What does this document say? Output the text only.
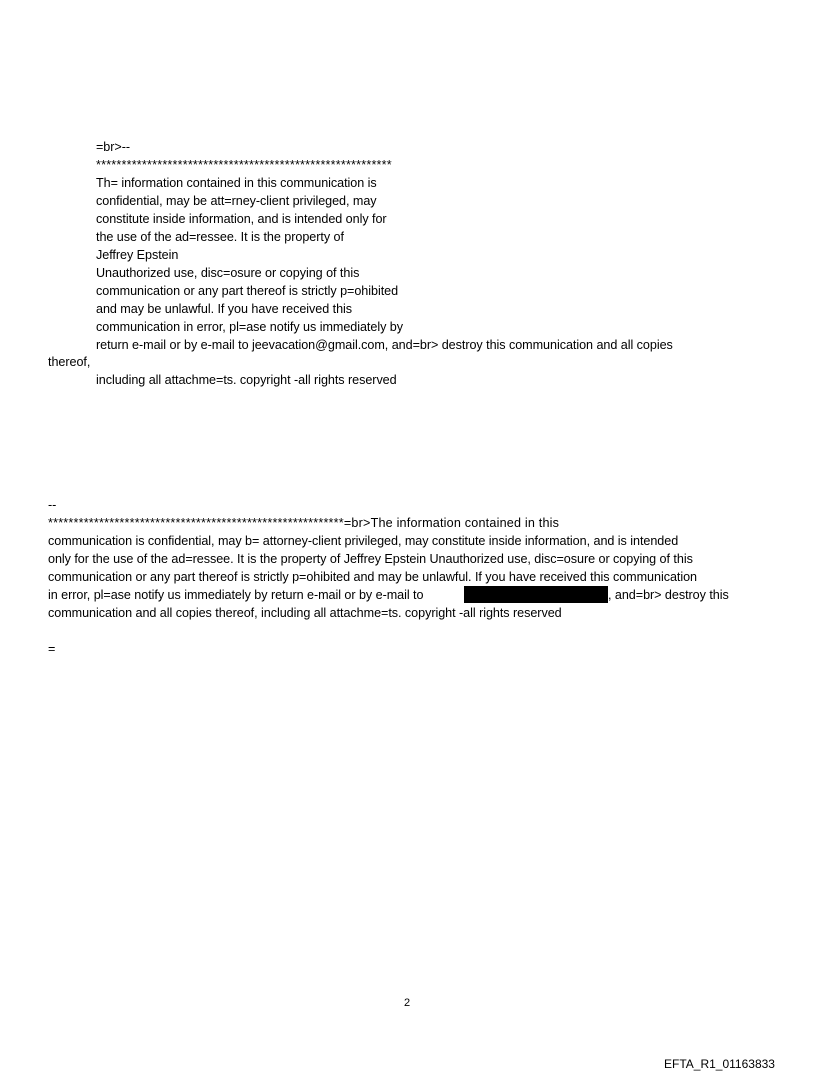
=br>--
**********************************************************
Th= information contained in this communication is
confidential, may be att=rney-client privileged, may
constitute inside information, and is intended only for
the use of the ad=ressee. It is the property of
Jeffrey Epstein
Unauthorized use, disc=osure or copying of this
communication or any part thereof is strictly p=ohibited
and may be unlawful. If you have received this
communication in error, pl=ase notify us immediately by
return e-mail or by e-mail to jeevacation@gmail.com, and=br> destroy this communication and all copies
thereof,
including all attachme=ts. copyright -all rights reserved
--
**********************************************************=br>The information contained in this
communication is confidential, may b= attorney-client privileged, may constitute inside information, and is intended
only for the use of the ad=ressee. It is the property of Jeffrey Epstein Unauthorized use, disc=osure or copying of this
communication or any part thereof is strictly p=ohibited and may be unlawful. If you have received this communication
in error, pl=ase notify us immediately by return e-mail or by e-mail to	, and=br> destroy this
communication and all copies thereof, including all attachme=ts. copyright -all rights reserved
=
2
EFTA_R1_01163833
